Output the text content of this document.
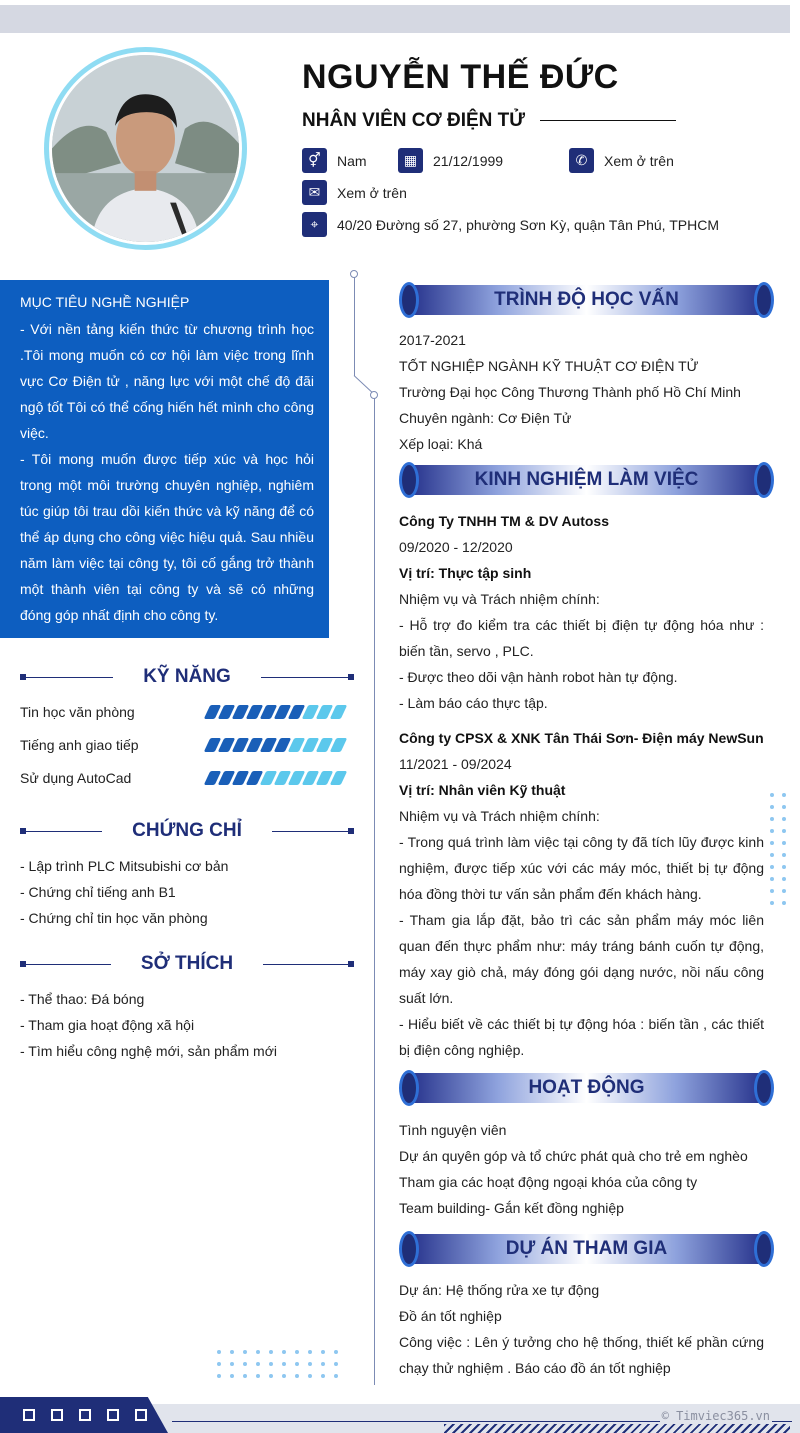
NGUYỄN THẾ ĐỨC
NHÂN VIÊN CƠ ĐIỆN TỬ
⚥	Nam	▦	21/12/1999	✆	Xem ở trên
✉	Xem ở trên
⌖	40/20 Đường số 27, phường Sơn Kỳ, quận Tân Phú, TPHCM
MỤC TIÊU NGHỀ NGHIỆP

- Với nền tảng kiến thức từ chương trình học .Tôi mong muốn có cơ hội làm việc trong lĩnh vực Cơ Điện tử , năng lực với một chế độ đãi ngộ tốt Tôi có thể cống hiến hết mình cho công việc.

- Tôi mong muốn được tiếp xúc và học hỏi trong một môi trường chuyên nghiệp, nghiêm túc giúp tôi trau dồi kiến thức và kỹ năng để có thể áp dụng cho công việc hiệu quả. Sau nhiều năm làm việc tại công ty, tôi cố gắng trở thành một thành viên tại công ty và sẽ có những đóng góp nhất định cho công ty.

KỸ NĂNG
Tin học văn phòng
Tiếng anh giao tiếp
Sử dụng AutoCad
CHỨNG CHỈ
- Lập trình PLC Mitsubishi cơ bản
- Chứng chỉ tiếng anh B1
- Chứng chỉ tin học văn phòng
SỞ THÍCH
- Thể thao: Đá bóng
- Tham gia hoạt động xã hội
- Tìm hiểu công nghệ mới, sản phẩm mới
TRÌNH ĐỘ HỌC VẤN
2017-2021
TỐT NGHIỆP NGÀNH KỸ THUẬT CƠ ĐIỆN TỬ
Trường Đại học Công Thương Thành phố Hồ Chí Minh
Chuyên ngành: Cơ Điện Tử
Xếp loại: Khá
KINH NGHIỆM LÀM VIỆC
Công Ty TNHH TM & DV Autoss
09/2020 - 12/2020
Vị trí: Thực tập sinh
Nhiệm vụ và Trách nhiệm chính:
- Hỗ trợ đo kiểm tra các thiết bị điện tự động hóa như : biến tần, servo , PLC.
- Được theo dõi vận hành robot hàn tự động.
- Làm báo cáo thực tập.
Công ty CPSX & XNK Tân Thái Sơn- Điện máy NewSun
11/2021 - 09/2024
Vị trí: Nhân viên Kỹ thuật
Nhiệm vụ và Trách nhiệm chính:
- Trong quá trình làm việc tại công ty đã tích lũy được kinh nghiệm, được tiếp xúc với các máy móc, thiết bị tự động hóa đồng thời tư vấn sản phẩm đến khách hàng.
- Tham gia lắp đặt, bảo trì các sản phẩm máy móc liên quan đến thực phẩm như: máy tráng bánh cuốn tự động, máy xay giò chả, máy đóng gói dạng nước, nồi nấu công suất lớn.
- Hiểu biết về các thiết bị tự động hóa : biến tần , các thiết bị điện công nghiệp.
HOẠT ĐỘNG
Tình nguyện viên
Dự án quyên góp và tổ chức phát quà cho trẻ em nghèo
Tham gia các hoạt động ngoại khóa của công ty
Team building- Gắn kết đồng nghiệp
DỰ ÁN THAM GIA
Dự án: Hệ thống rửa xe tự động
Đồ án tốt nghiệp
Công việc : Lên ý tưởng cho hệ thống, thiết kế phần cứng chạy thử nghiệm . Báo cáo đồ án tốt nghiệp
© Timviec365.vn
